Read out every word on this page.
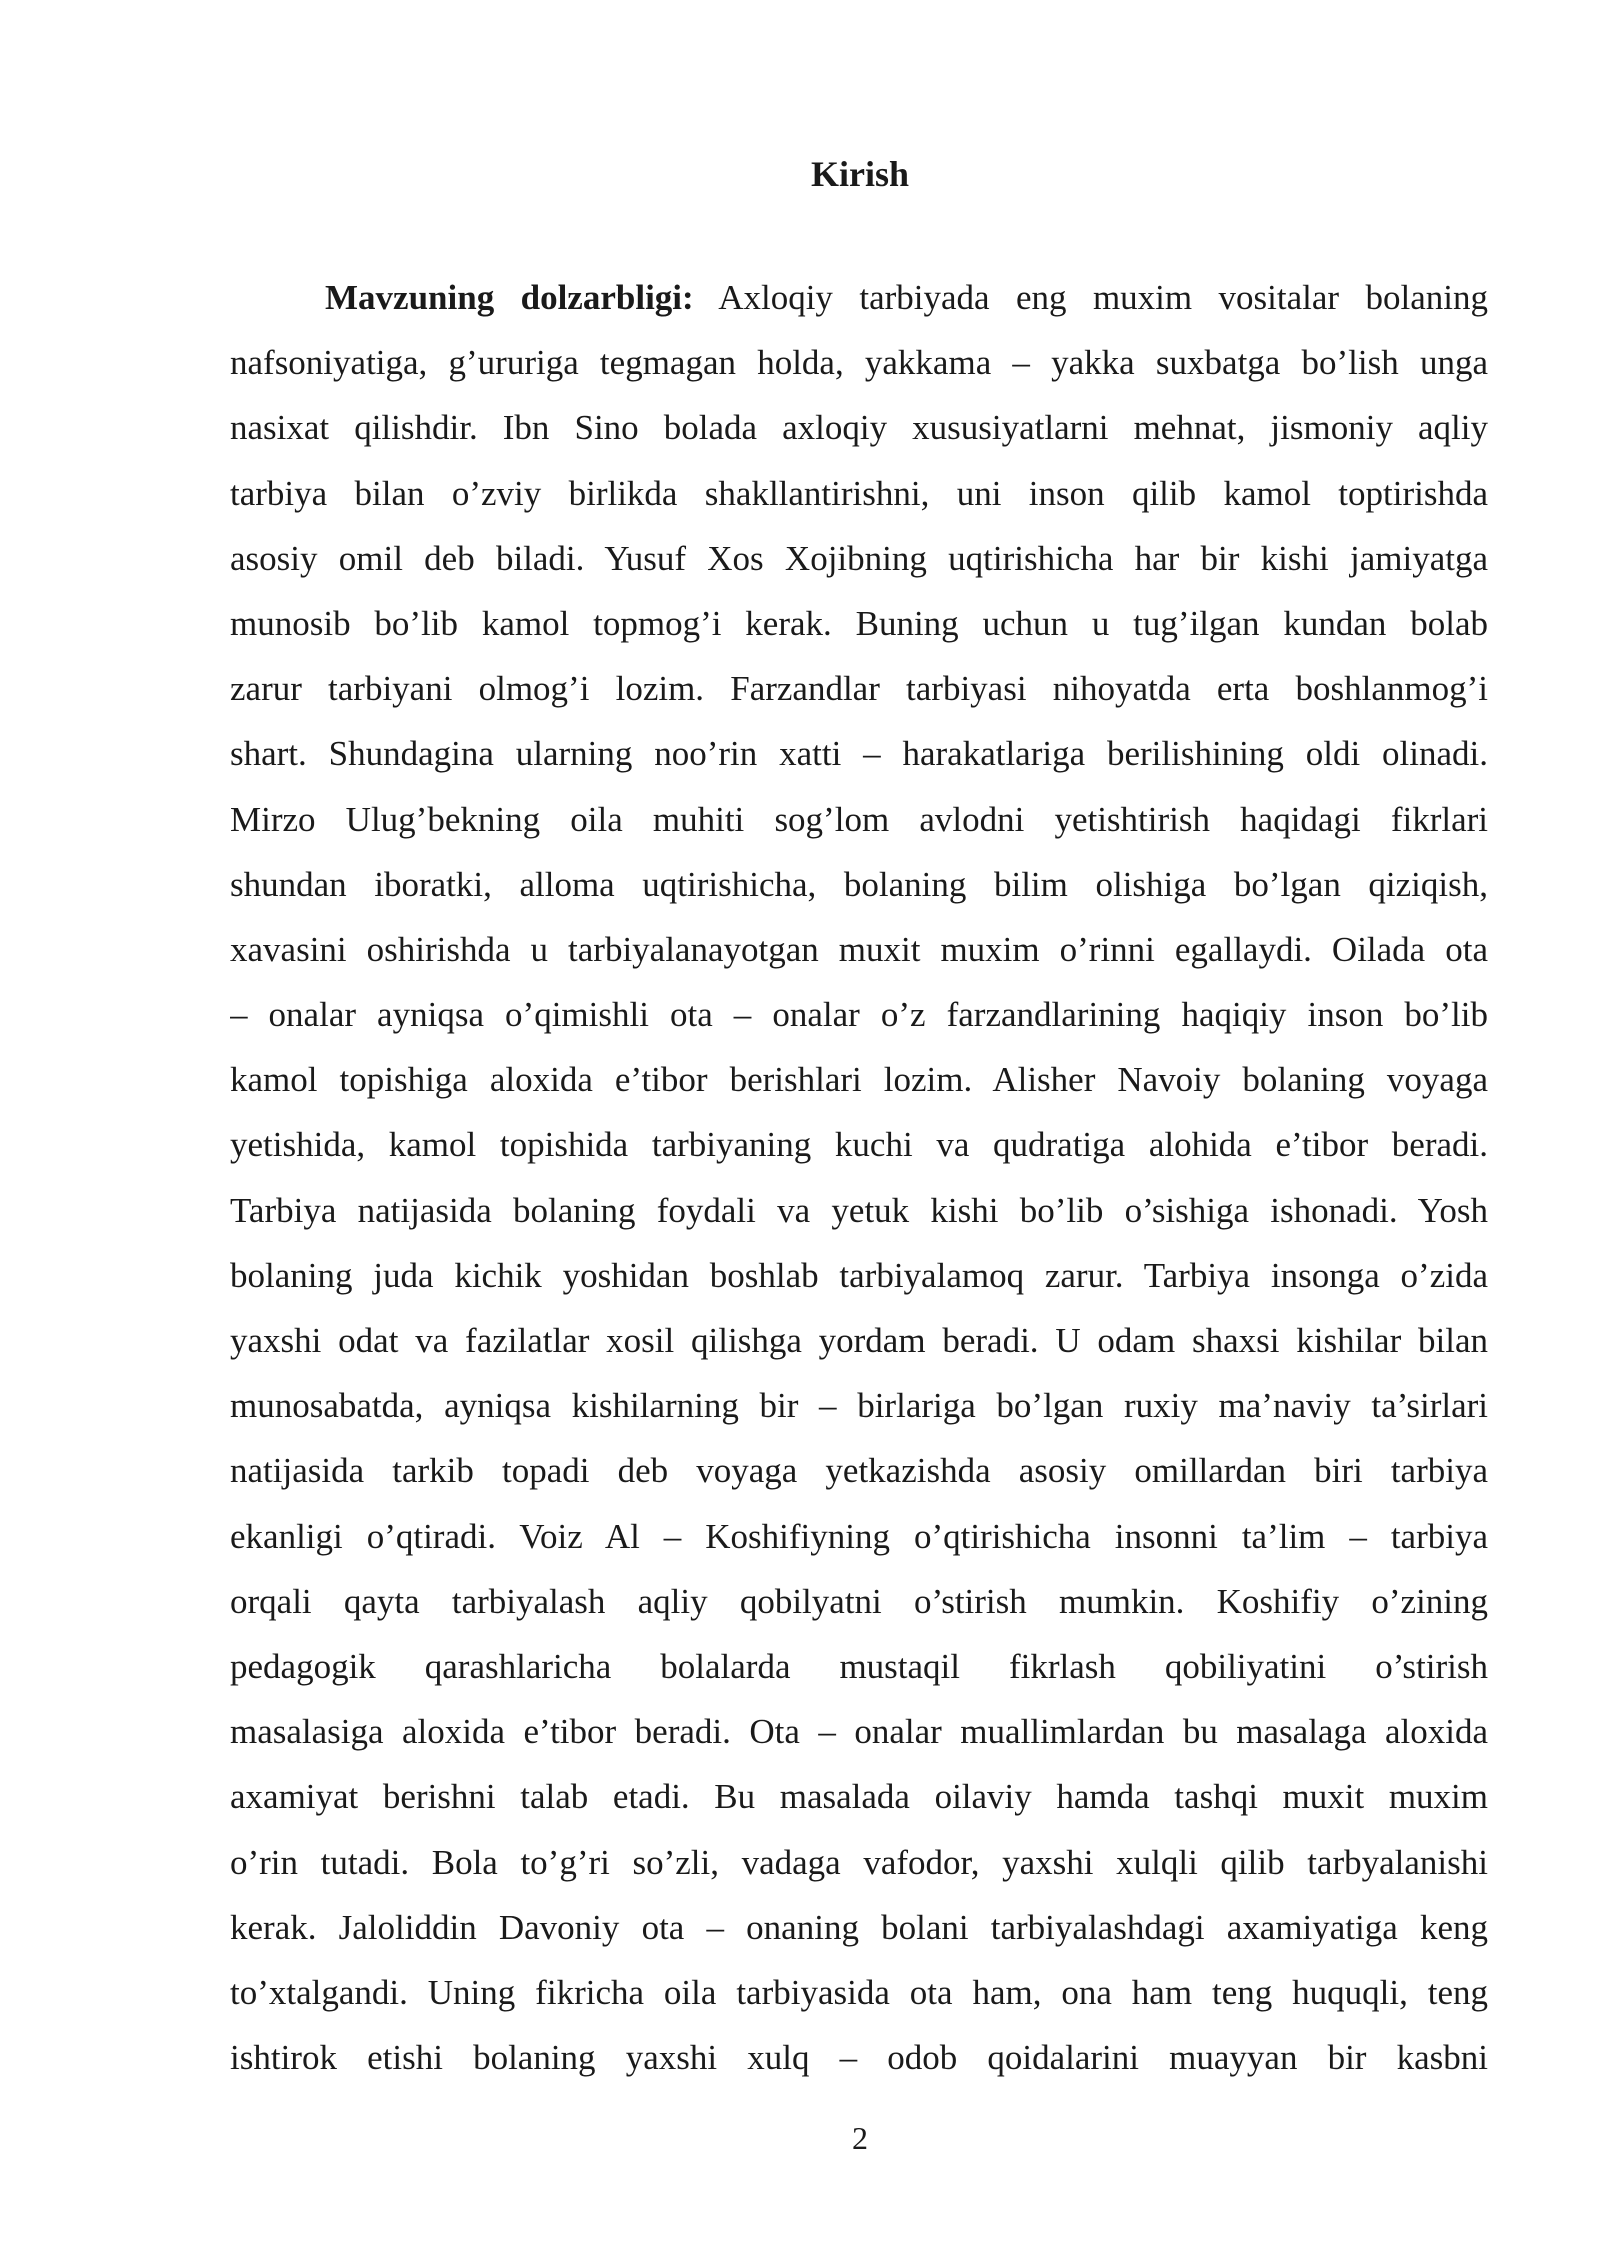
Kirish
Mavzuning dolzarbligi: Axloqiy tarbiyada eng muxim vositalar bolaning
nafsoniyatiga, g’ururiga tegmagan holda, yakkama – yakka suxbatga bo’lish unga
nasixat qilishdir. Ibn Sino bolada axloqiy xususiyatlarni mehnat, jismoniy aqliy
tarbiya bilan o’zviy birlikda shakllantirishni, uni inson qilib kamol toptirishda
asosiy omil deb biladi. Yusuf Xos Xojibning uqtirishicha har bir kishi jamiyatga
munosib bo’lib kamol topmog’i kerak. Buning uchun u tug’ilgan kundan bolab
zarur tarbiyani olmog’i lozim. Farzandlar tarbiyasi nihoyatda erta boshlanmog’i
shart. Shundagina ularning noo’rin xatti – harakatlariga berilishining oldi olinadi.
Mirzo Ulug’bekning oila muhiti sog’lom avlodni yetishtirish haqidagi fikrlari
shundan iboratki, alloma uqtirishicha, bolaning bilim olishiga bo’lgan qiziqish,
xavasini oshirishda u tarbiyalanayotgan muxit muxim o’rinni egallaydi. Oilada ota
– onalar ayniqsa o’qimishli ota – onalar o’z farzandlarining haqiqiy inson bo’lib
kamol topishiga aloxida e’tibor berishlari lozim. Alisher Navoiy bolaning voyaga
yetishida, kamol topishida tarbiyaning kuchi va qudratiga alohida e’tibor beradi.
Tarbiya natijasida bolaning foydali va yetuk kishi bo’lib o’sishiga ishonadi. Yosh
bolaning juda kichik yoshidan boshlab tarbiyalamoq zarur. Tarbiya insonga o’zida
yaxshi odat va fazilatlar xosil qilishga yordam beradi. U odam shaxsi kishilar bilan
munosabatda, ayniqsa kishilarning bir – birlariga bo’lgan ruxiy ma’naviy ta’sirlari
natijasida tarkib topadi deb voyaga yetkazishda asosiy omillardan biri tarbiya
ekanligi o’qtiradi. Voiz Al – Koshifiyning o’qtirishicha insonni ta’lim – tarbiya
orqali qayta tarbiyalash aqliy qobilyatni o’stirish mumkin. Koshifiy o’zining
pedagogik qarashlaricha bolalarda mustaqil fikrlash qobiliyatini o’stirish
masalasiga aloxida e’tibor beradi. Ota – onalar muallimlardan bu masalaga aloxida
axamiyat berishni talab etadi. Bu masalada oilaviy hamda tashqi muxit muxim
o’rin tutadi. Bola to’g’ri so’zli, vadaga vafodor, yaxshi xulqli qilib tarbyalanishi
kerak. Jaloliddin Davoniy ota – onaning bolani tarbiyalashdagi axamiyatiga keng
to’xtalgandi. Uning fikricha oila tarbiyasida ota ham, ona ham teng huquqli, teng
ishtirok etishi bolaning yaxshi xulq – odob qoidalarini muayyan bir kasbni
2
